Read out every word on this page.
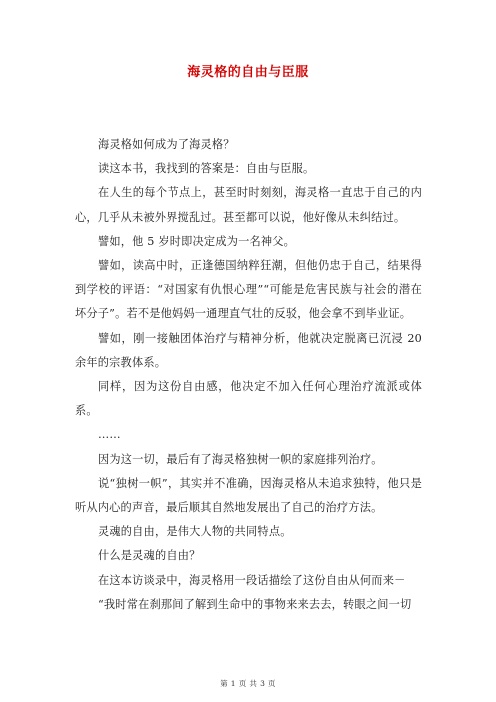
海灵格的自由与臣服

海灵格如何成为了海灵格？

读这本书，我找到的答案是：自由与臣服。

在人生的每个节点上，甚至时时刻刻，海灵格一直忠于自己的内心，几乎从未被外界搅乱过。甚至都可以说，他好像从未纠结过。

譬如，他 5 岁时即决定成为一名神父。

譬如，读高中时，正逢德国纳粹狂潮，但他仍忠于自己，结果得到学校的评语：“对国家有仇恨心理”“可能是危害民族与社会的潜在坏分子”。若不是他妈妈一通理直气壮的反驳，他会拿不到毕业证。

譬如，刚一接触团体治疗与精神分析，他就决定脱离已沉浸 20 余年的宗教体系。

同样，因为这份自由感，他决定不加入任何心理治疗流派或体系。

……

因为这一切，最后有了海灵格独树一帜的家庭排列治疗。

说“独树一帜”，其实并不准确，因海灵格从未追求独特，他只是听从内心的声音，最后顺其自然地发展出了自己的治疗方法。

灵魂的自由，是伟大人物的共同特点。

什么是灵魂的自由？

在这本访谈录中，海灵格用一段话描绘了这份自由从何而来－

“我时常在刹那间了解到生命中的事物来来去去，转眼之间一切

第 1 页 共 3 页
